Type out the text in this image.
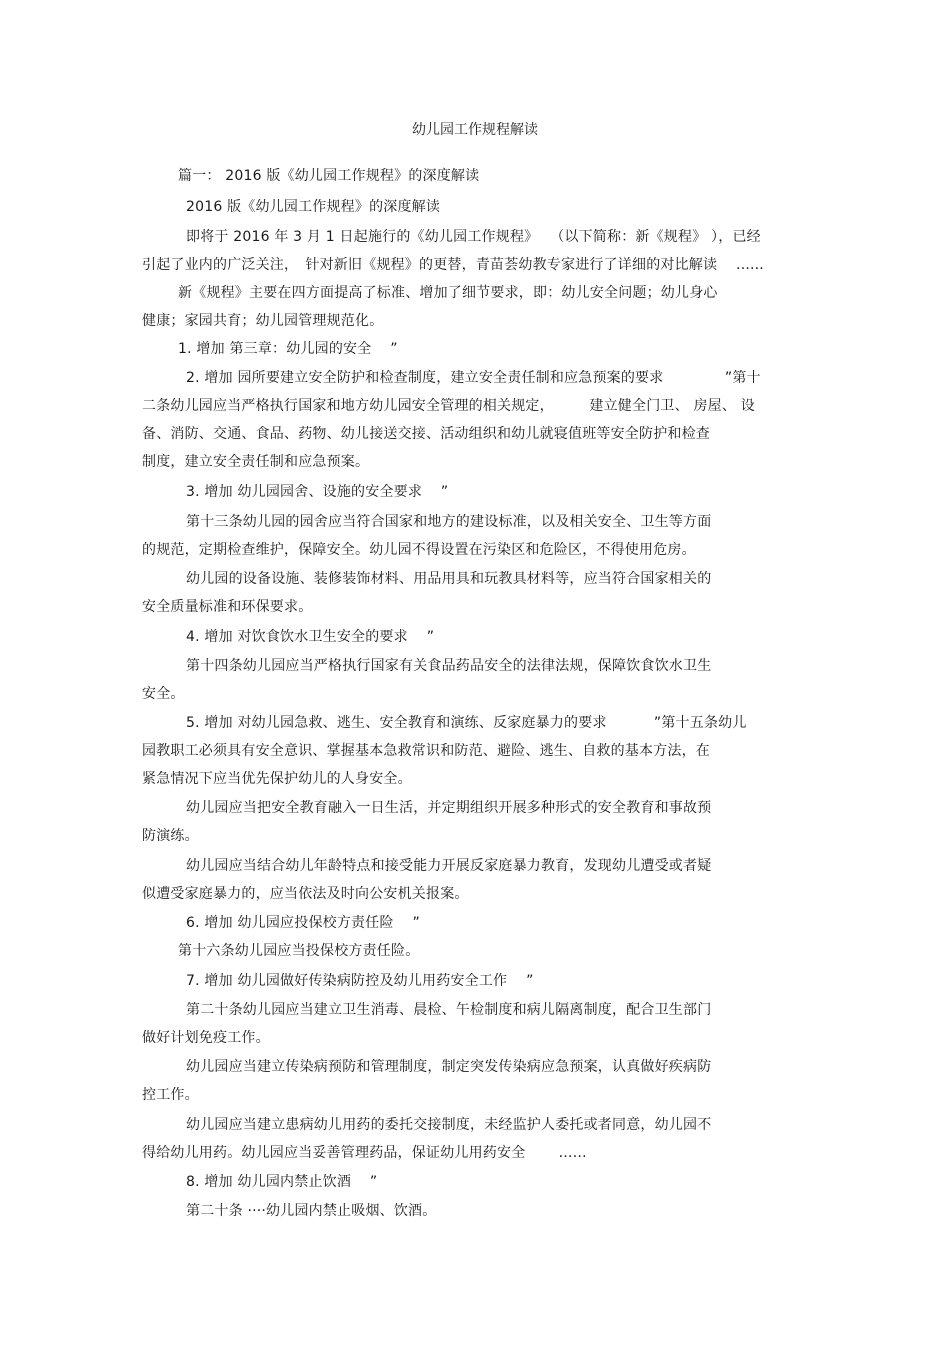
幼儿园工作规程解读
篇一： 2016 版《幼儿园工作规程》的深度解读
2016 版《幼儿园工作规程》的深度解读
即将于 2016 年 3 月 1 日起施行的《幼儿园工作规程》　 （以下简称：新《规程》 ），已经
引起了业内的广泛关注，　针对新旧《规程》的更替，青苗荟幼教专家进行了详细的对比解读　 ......
新《规程》主要在四方面提高了标准、增加了细节要求，即：幼儿安全问题；幼儿身心
健康；家园共育；幼儿园管理规范化。
1. 增加 第三章：幼儿园的安全　 ”
2. 增加 园所要建立安全防护和检查制度，建立安全责任制和应急预案的要求　　　　 ”第十
二条幼儿园应当严格执行国家和地方幼儿园安全管理的相关规定，　　　建立健全门卫、 房屋、 设
备、消防、交通、食品、药物、幼儿接送交接、活动组织和幼儿就寝值班等安全防护和检查
制度，建立安全责任制和应急预案。
3. 增加 幼儿园园舍、设施的安全要求　 ”
第十三条幼儿园的园舍应当符合国家和地方的建设标准，以及相关安全、卫生等方面
的规范，定期检查维护，保障安全。幼儿园不得设置在污染区和危险区，不得使用危房。
幼儿园的设备设施、装修装饰材料、用品用具和玩教具材料等，应当符合国家相关的
安全质量标准和环保要求。
4. 增加 对饮食饮水卫生安全的要求　 ”
第十四条幼儿园应当严格执行国家有关食品药品安全的法律法规，保障饮食饮水卫生
安全。
5. 增加 对幼儿园急救、逃生、安全教育和演练、反家庭暴力的要求　　　 ”第十五条幼儿
园教职工必须具有安全意识、掌握基本急救常识和防范、避险、逃生、自救的基本方法，在
紧急情况下应当优先保护幼儿的人身安全。
幼儿园应当把安全教育融入一日生活，并定期组织开展多种形式的安全教育和事故预
防演练。
幼儿园应当结合幼儿年龄特点和接受能力开展反家庭暴力教育，发现幼儿遭受或者疑
似遭受家庭暴力的，应当依法及时向公安机关报案。
6. 增加 幼儿园应投保校方责任险　 ”
第十六条幼儿园应当投保校方责任险。
7. 增加 幼儿园做好传染病防控及幼儿用药安全工作　 ”
第二十条幼儿园应当建立卫生消毒、晨检、午检制度和病儿隔离制度，配合卫生部门
做好计划免疫工作。
幼儿园应当建立传染病预防和管理制度，制定突发传染病应急预案，认真做好疾病防
控工作。
幼儿园应当建立患病幼儿用药的委托交接制度，未经监护人委托或者同意，幼儿园不
得给幼儿用药。幼儿园应当妥善管理药品，保证幼儿用药安全　　 ……
8. 增加 幼儿园内禁止饮酒　 ”
第二十条 ····幼儿园内禁止吸烟、饮酒。
